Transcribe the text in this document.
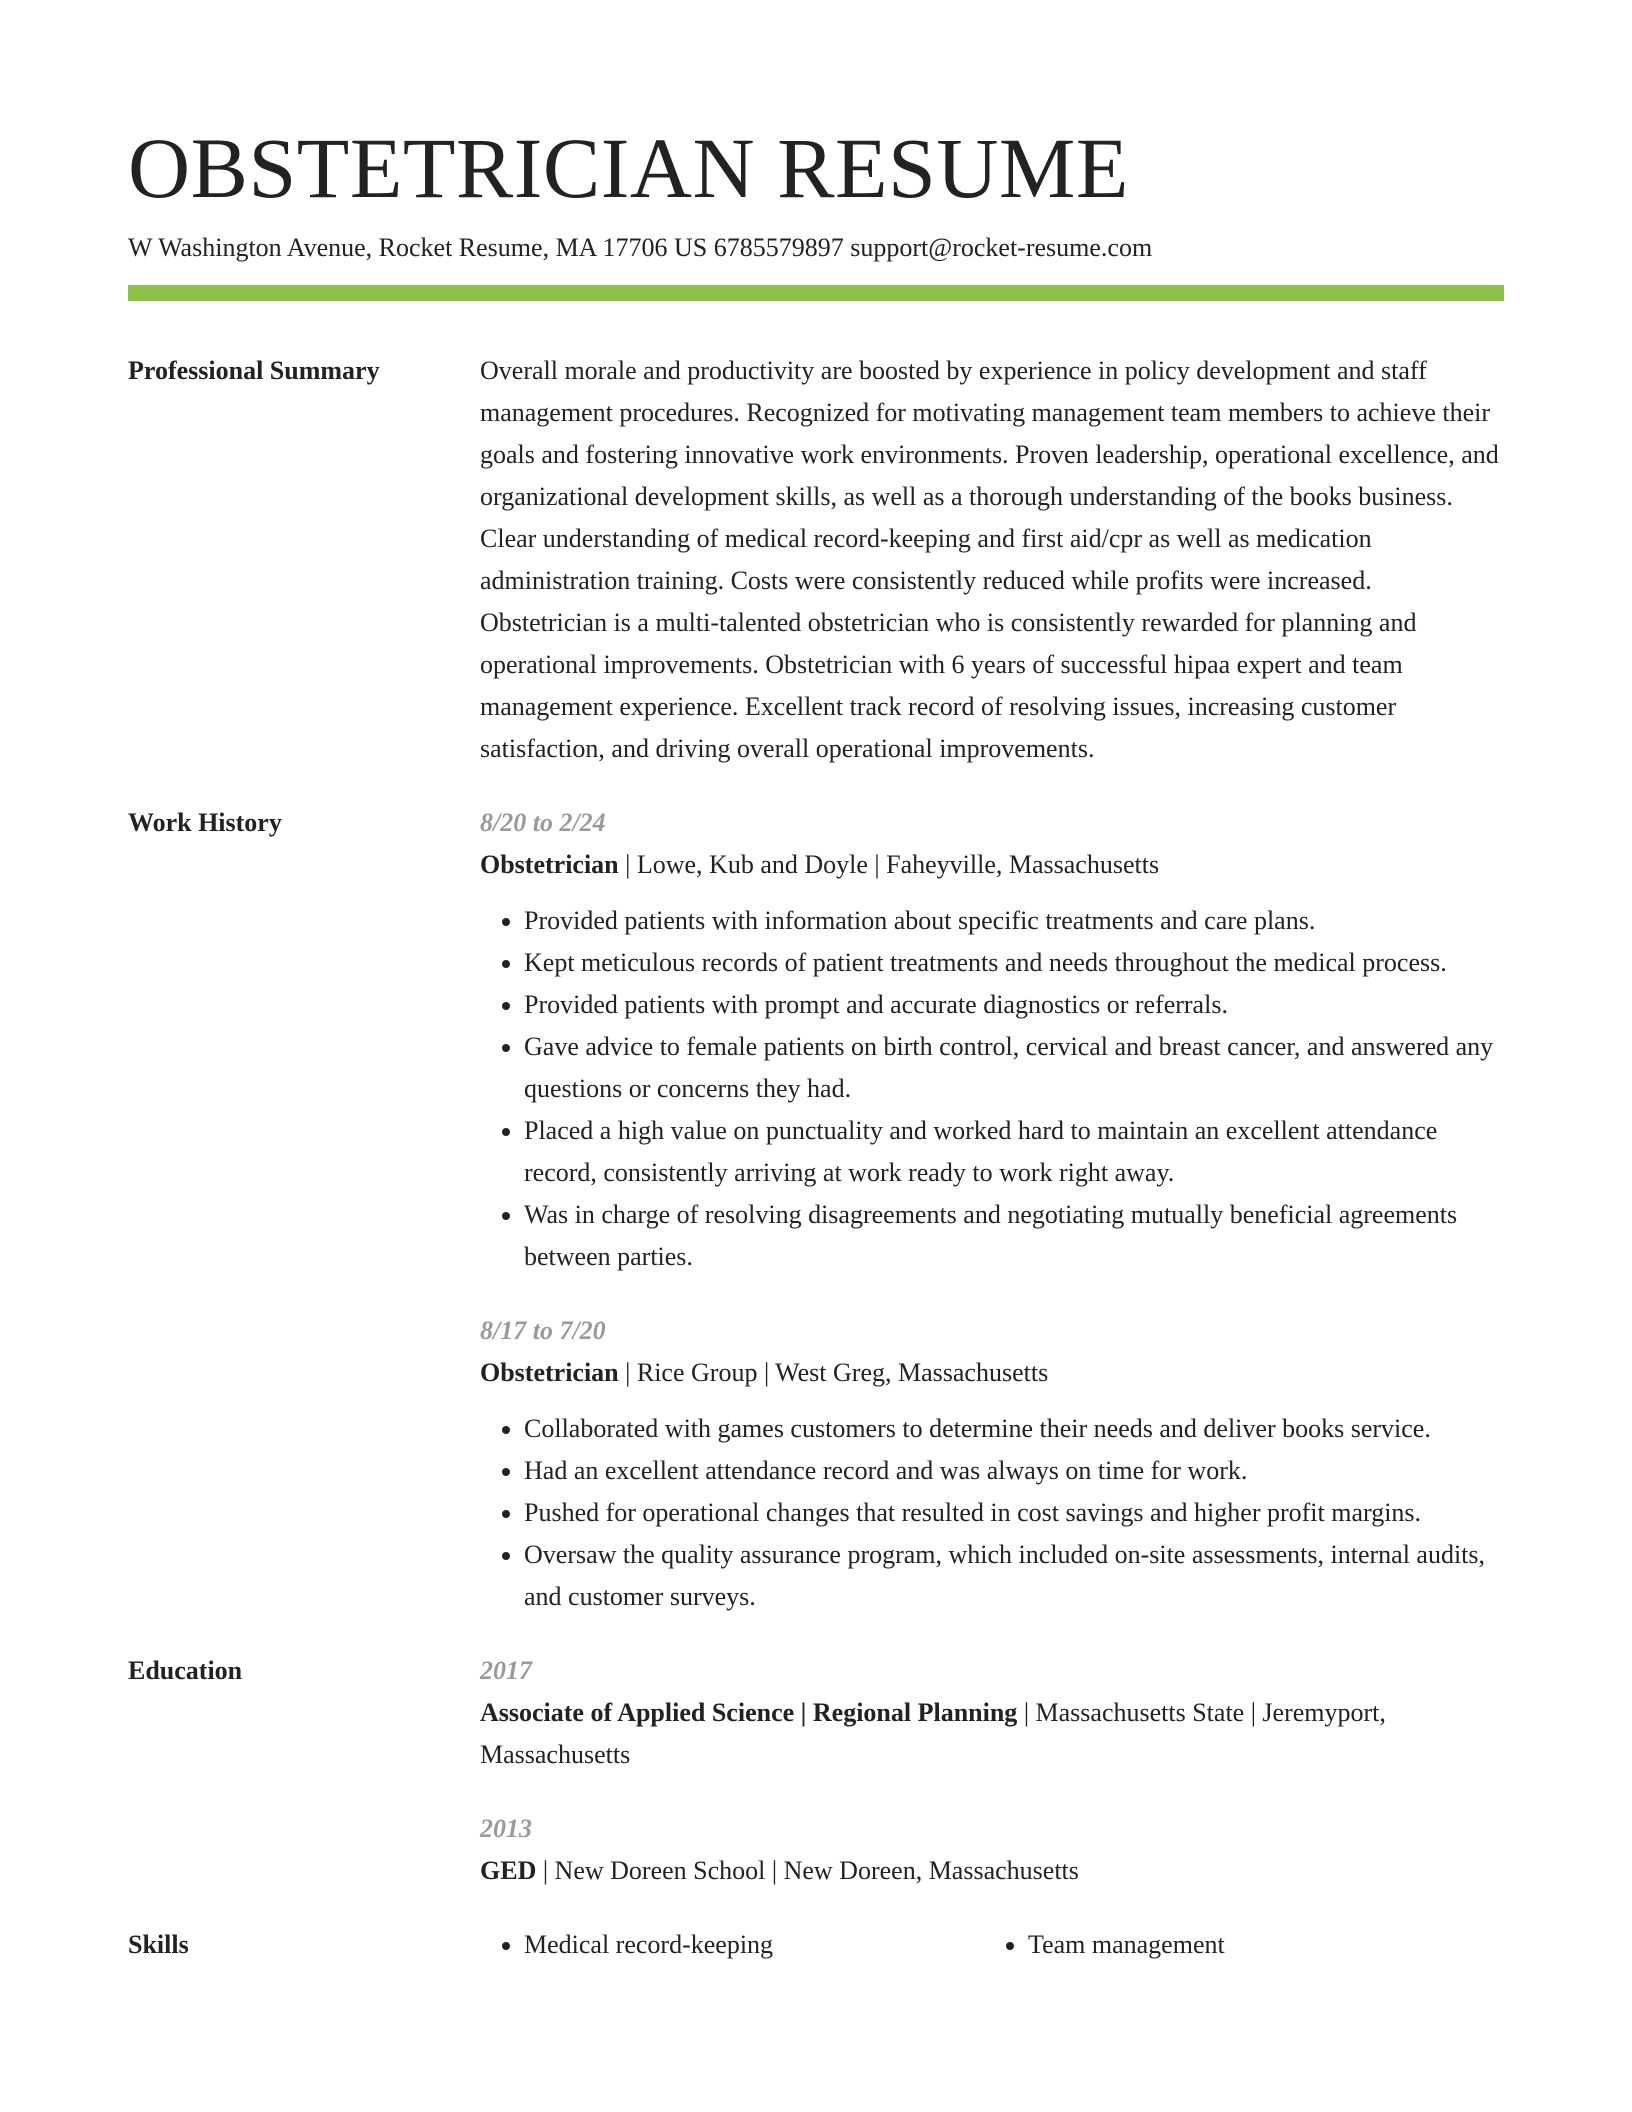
OBSTETRICIAN RESUME
W Washington Avenue, Rocket Resume, MA 17706 US 6785579897 support@rocket-resume.com
Professional Summary	Overall morale and productivity are boosted by experience in policy development and staff management procedures. Recognized for motivating management team members to achieve their goals and fostering innovative work environments. Proven leadership, operational excellence, and organizational development skills, as well as a thorough understanding of the books business. Clear understanding of medical record-keeping and first aid/cpr as well as medication administration training. Costs were consistently reduced while profits were increased. Obstetrician is a multi-talented obstetrician who is consistently rewarded for planning and operational improvements. Obstetrician with 6 years of successful hipaa expert and team management experience. Excellent track record of resolving issues, increasing customer satisfaction, and driving overall operational improvements.

Work History	8/20 to 2/24
Obstetrician | Lowe, Kub and Doyle | Faheyville, Massachusetts
• Provided patients with information about specific treatments and care plans.
• Kept meticulous records of patient treatments and needs throughout the medical process.
• Provided patients with prompt and accurate diagnostics or referrals.
• Gave advice to female patients on birth control, cervical and breast cancer, and answered any questions or concerns they had.
• Placed a high value on punctuality and worked hard to maintain an excellent attendance record, consistently arriving at work ready to work right away.
• Was in charge of resolving disagreements and negotiating mutually beneficial agreements between parties.
8/17 to 7/20
Obstetrician | Rice Group | West Greg, Massachusetts
• Collaborated with games customers to determine their needs and deliver books service.
• Had an excellent attendance record and was always on time for work.
• Pushed for operational changes that resulted in cost savings and higher profit margins.
• Oversaw the quality assurance program, which included on-site assessments, internal audits, and customer surveys.
Education	2017
Associate of Applied Science | Regional Planning | Massachusetts State | Jeremyport, Massachusetts
2013
GED | New Doreen School | New Doreen, Massachusetts
Skills	• Medical record-keeping	• Team management
